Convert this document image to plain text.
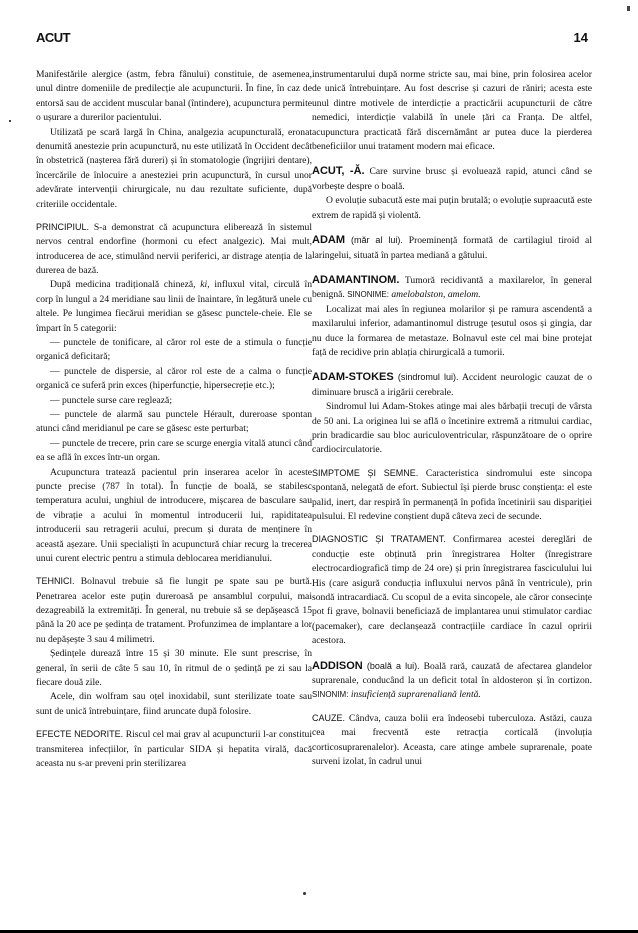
ACUT	14

Manifestările alergice (astm, febra fânului) constituie, de asemenea, unul dintre domeniile de predilecție ale acupuncturii. În fine, în caz de entorsă sau de accident muscular banal (întindere), acupunctura permite o ușurare a durerilor pacientului.

Utilizată pe scară largă în China, analgezia acupuncturală, eronat denumită anestezie prin acupunctură, nu este utilizată în Occident decât în obstetrică (nașterea fără dureri) și în stomatologie (îngrijiri dentare), încercările de înlocuire a anesteziei prin acupunctură, în cursul unor adevărate intervenții chirurgicale, nu dau rezultate suficiente, după criteriile occidentale.

PRINCIPIUL. S-a demonstrat că acupunctura eliberează în sistemul nervos central endorfine (hormoni cu efect analgezic). Mai mult, introducerea de ace, stimulând nervii periferici, ar distrage atenția de la durerea de bază.

După medicina tradițională chineză, ki, influxul vital, circulă în corp în lungul a 24 meridiane sau linii de înaintare, în legătură unele cu altele. Pe lungimea fiecărui meridian se găsesc punctele-cheie. Ele se împart în 5 categorii:

— punctele de tonificare, al căror rol este de a stimula o funcție organică deficitară;

— punctele de dispersie, al căror rol este de a calma o funcție organică ce suferă prin exces (hiperfuncție, hipersecreție etc.);

— punctele surse care reglează;

— punctele de alarmă sau punctele Hérault, dureroase spontan atunci când meridianul pe care se găsesc este perturbat;

— punctele de trecere, prin care se scurge energia vitală atunci când ea se află în exces într-un organ.

Acupunctura tratează pacientul prin inserarea acelor în aceste puncte precise (787 în total). În funcție de boală, se stabilesc temperatura acului, unghiul de introducere, mișcarea de basculare sau de vibrație a acului în momentul introducerii lui, rapiditatea introducerii sau retragerii acului, precum și durata de menținere în această așezare. Unii specialiști în acupunctură chiar recurg la trecerea unui curent electric pentru a stimula deblocarea meridianului.

TEHNICI. Bolnavul trebuie să fie lungit pe spate sau pe burtă. Penetrarea acelor este puțin dureroasă pe ansamblul corpului, mai dezagreabilă la extremități. În general, nu trebuie să se depășească 15 până la 20 ace pe ședința de tratament. Profunzimea de implantare a lor nu depășește 3 sau 4 milimetri.

Ședințele durează între 15 și 30 minute. Ele sunt prescrise, în general, în serii de câte 5 sau 10, în ritmul de o ședință pe zi sau la fiecare două zile.

Acele, din wolfram sau oțel inoxidabil, sunt sterilizate toate sau sunt de unică întrebuințare, fiind aruncate după folosire.

EFECTE NEDORITE. Riscul cel mai grav al acupuncturii l-ar constitui transmiterea infecțiilor, în particular SIDA și hepatita virală, dacă aceasta nu s-ar preveni prin sterilizarea

instrumentarului după norme stricte sau, mai bine, prin folosirea acelor de unică întrebuințare. Au fost descrise și cazuri de răniri; acesta este unul dintre motivele de interdicție a practicării acupuncturii de către nemedici, interdicție valabilă în unele țări ca Franța. De altfel, acupunctura practicată fără discernământ ar putea duce la pierderea beneficiilor unui tratament modern mai eficace.

ACUT, -Ă. Care survine brusc și evoluează rapid, atunci când se vorbește despre o boală.

O evoluție subacută este mai puțin brutală; o evoluție supraacută este extrem de rapidă și violentă.

ADAM (măr al lui). Proeminență formată de cartilagiul tiroid al laringelui, situată în partea mediană a gâtului.

ADAMANTINOM. Tumoră recidivantă a maxilarelor, în general benignă. SINONIME: amelobalston, amelom.

Localizat mai ales în regiunea molarilor și pe ramura ascendentă a maxilarului inferior, adamantinomul distruge țesutul osos și gingia, dar nu duce la formarea de metastaze. Bolnavul este cel mai bine protejat față de recidive prin ablația chirurgicală a tumorii.

ADAM-STOKES (sindromul lui). Accident neurologic cauzat de o diminuare bruscă a irigării cerebrale.

Sindromul lui Adam-Stokes atinge mai ales bărbații trecuți de vârsta de 50 ani. La originea lui se află o încetinire extremă a ritmului cardiac, prin bradicardie sau bloc auriculoventricular, răspunzătoare de o oprire cardiocirculatorie.

SIMPTOME ȘI SEMNE. Caracteristica sindromului este sincopa spontană, nelegată de efort. Subiectul își pierde brusc conștiența: el este palid, inert, dar respiră în permanență în pofida încetinirii sau dispariției pulsului. El redevine conștient după câteva zeci de secunde.

DIAGNOSTIC ȘI TRATAMENT. Confirmarea acestei dereglări de conducție este obținută prin înregistrarea Holter (înregistrare electrocardiografică timp de 24 ore) și prin înregistrarea fasciculului lui His (care asigură conducția influxului nervos până în ventricule), prin sondă intracardiacă. Cu scopul de a evita sincopele, ale căror consecințe pot fi grave, bolnavii beneficiază de implantarea unui stimulator cardiac (pacemaker), care declanșează contracțiile cardiace în cazul opririi acestora.

ADDISON (boală a lui). Boală rară, cauzată de afectarea glandelor suprarenale, conducând la un deficit total în aldosteron și în cortizon. SINONIM: insuficiență suprarenaliană lentă.

CAUZE. Cândva, cauza bolii era îndeosebi tuberculoza. Astăzi, cauza cea mai frecventă este retracția corticală (involuția corticosuprarenalelor). Aceasta, care atinge ambele suprarenale, poate surveni izolat, în cadrul unui
